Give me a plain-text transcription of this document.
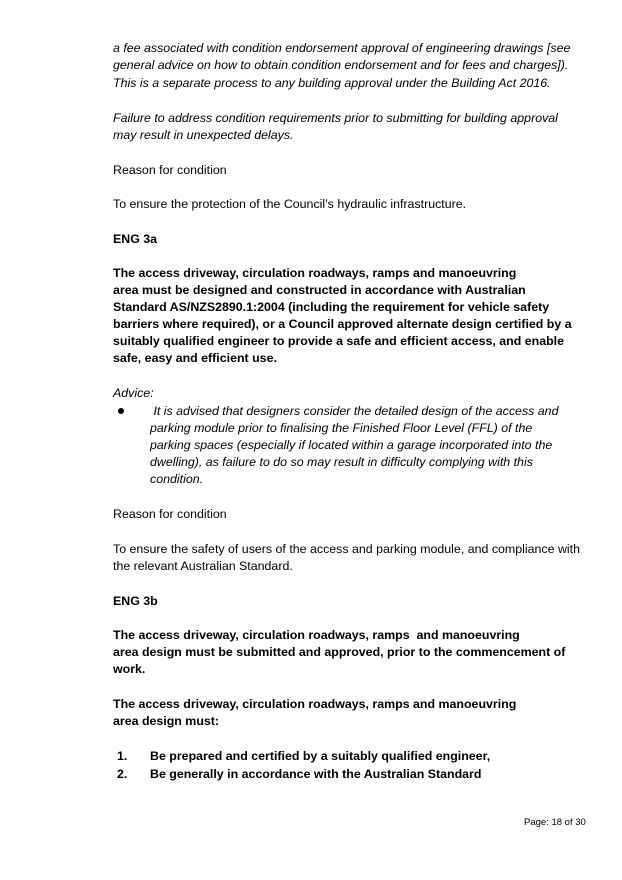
a fee associated with condition endorsement approval of engineering drawings [see
general advice on how to obtain condition endorsement and for fees and charges]).
This is a separate process to any building approval under the Building Act 2016.
Failure to address condition requirements prior to submitting for building approval
may result in unexpected delays.
Reason for condition
To ensure the protection of the Council’s hydraulic infrastructure.
ENG 3a
The access driveway, circulation roadways, ramps and manoeuvring
area must be designed and constructed in accordance with Australian
Standard AS/NZS2890.1:2004 (including the requirement for vehicle safety
barriers where required), or a Council approved alternate design certified by a
suitably qualified engineer to provide a safe and efficient access, and enable
safe, easy and efficient use.
Advice:
It is advised that designers consider the detailed design of the access and
parking module prior to finalising the Finished Floor Level (FFL) of the
parking spaces (especially if located within a garage incorporated into the
dwelling), as failure to do so may result in difficulty complying with this
condition.
Reason for condition
To ensure the safety of users of the access and parking module, and compliance with
the relevant Australian Standard.
ENG 3b
The access driveway, circulation roadways, ramps  and manoeuvring
area design must be submitted and approved, prior to the commencement of
work.
The access driveway, circulation roadways, ramps and manoeuvring
area design must:
1. Be prepared and certified by a suitably qualified engineer,
2. Be generally in accordance with the Australian Standard
Page: 18 of 30
